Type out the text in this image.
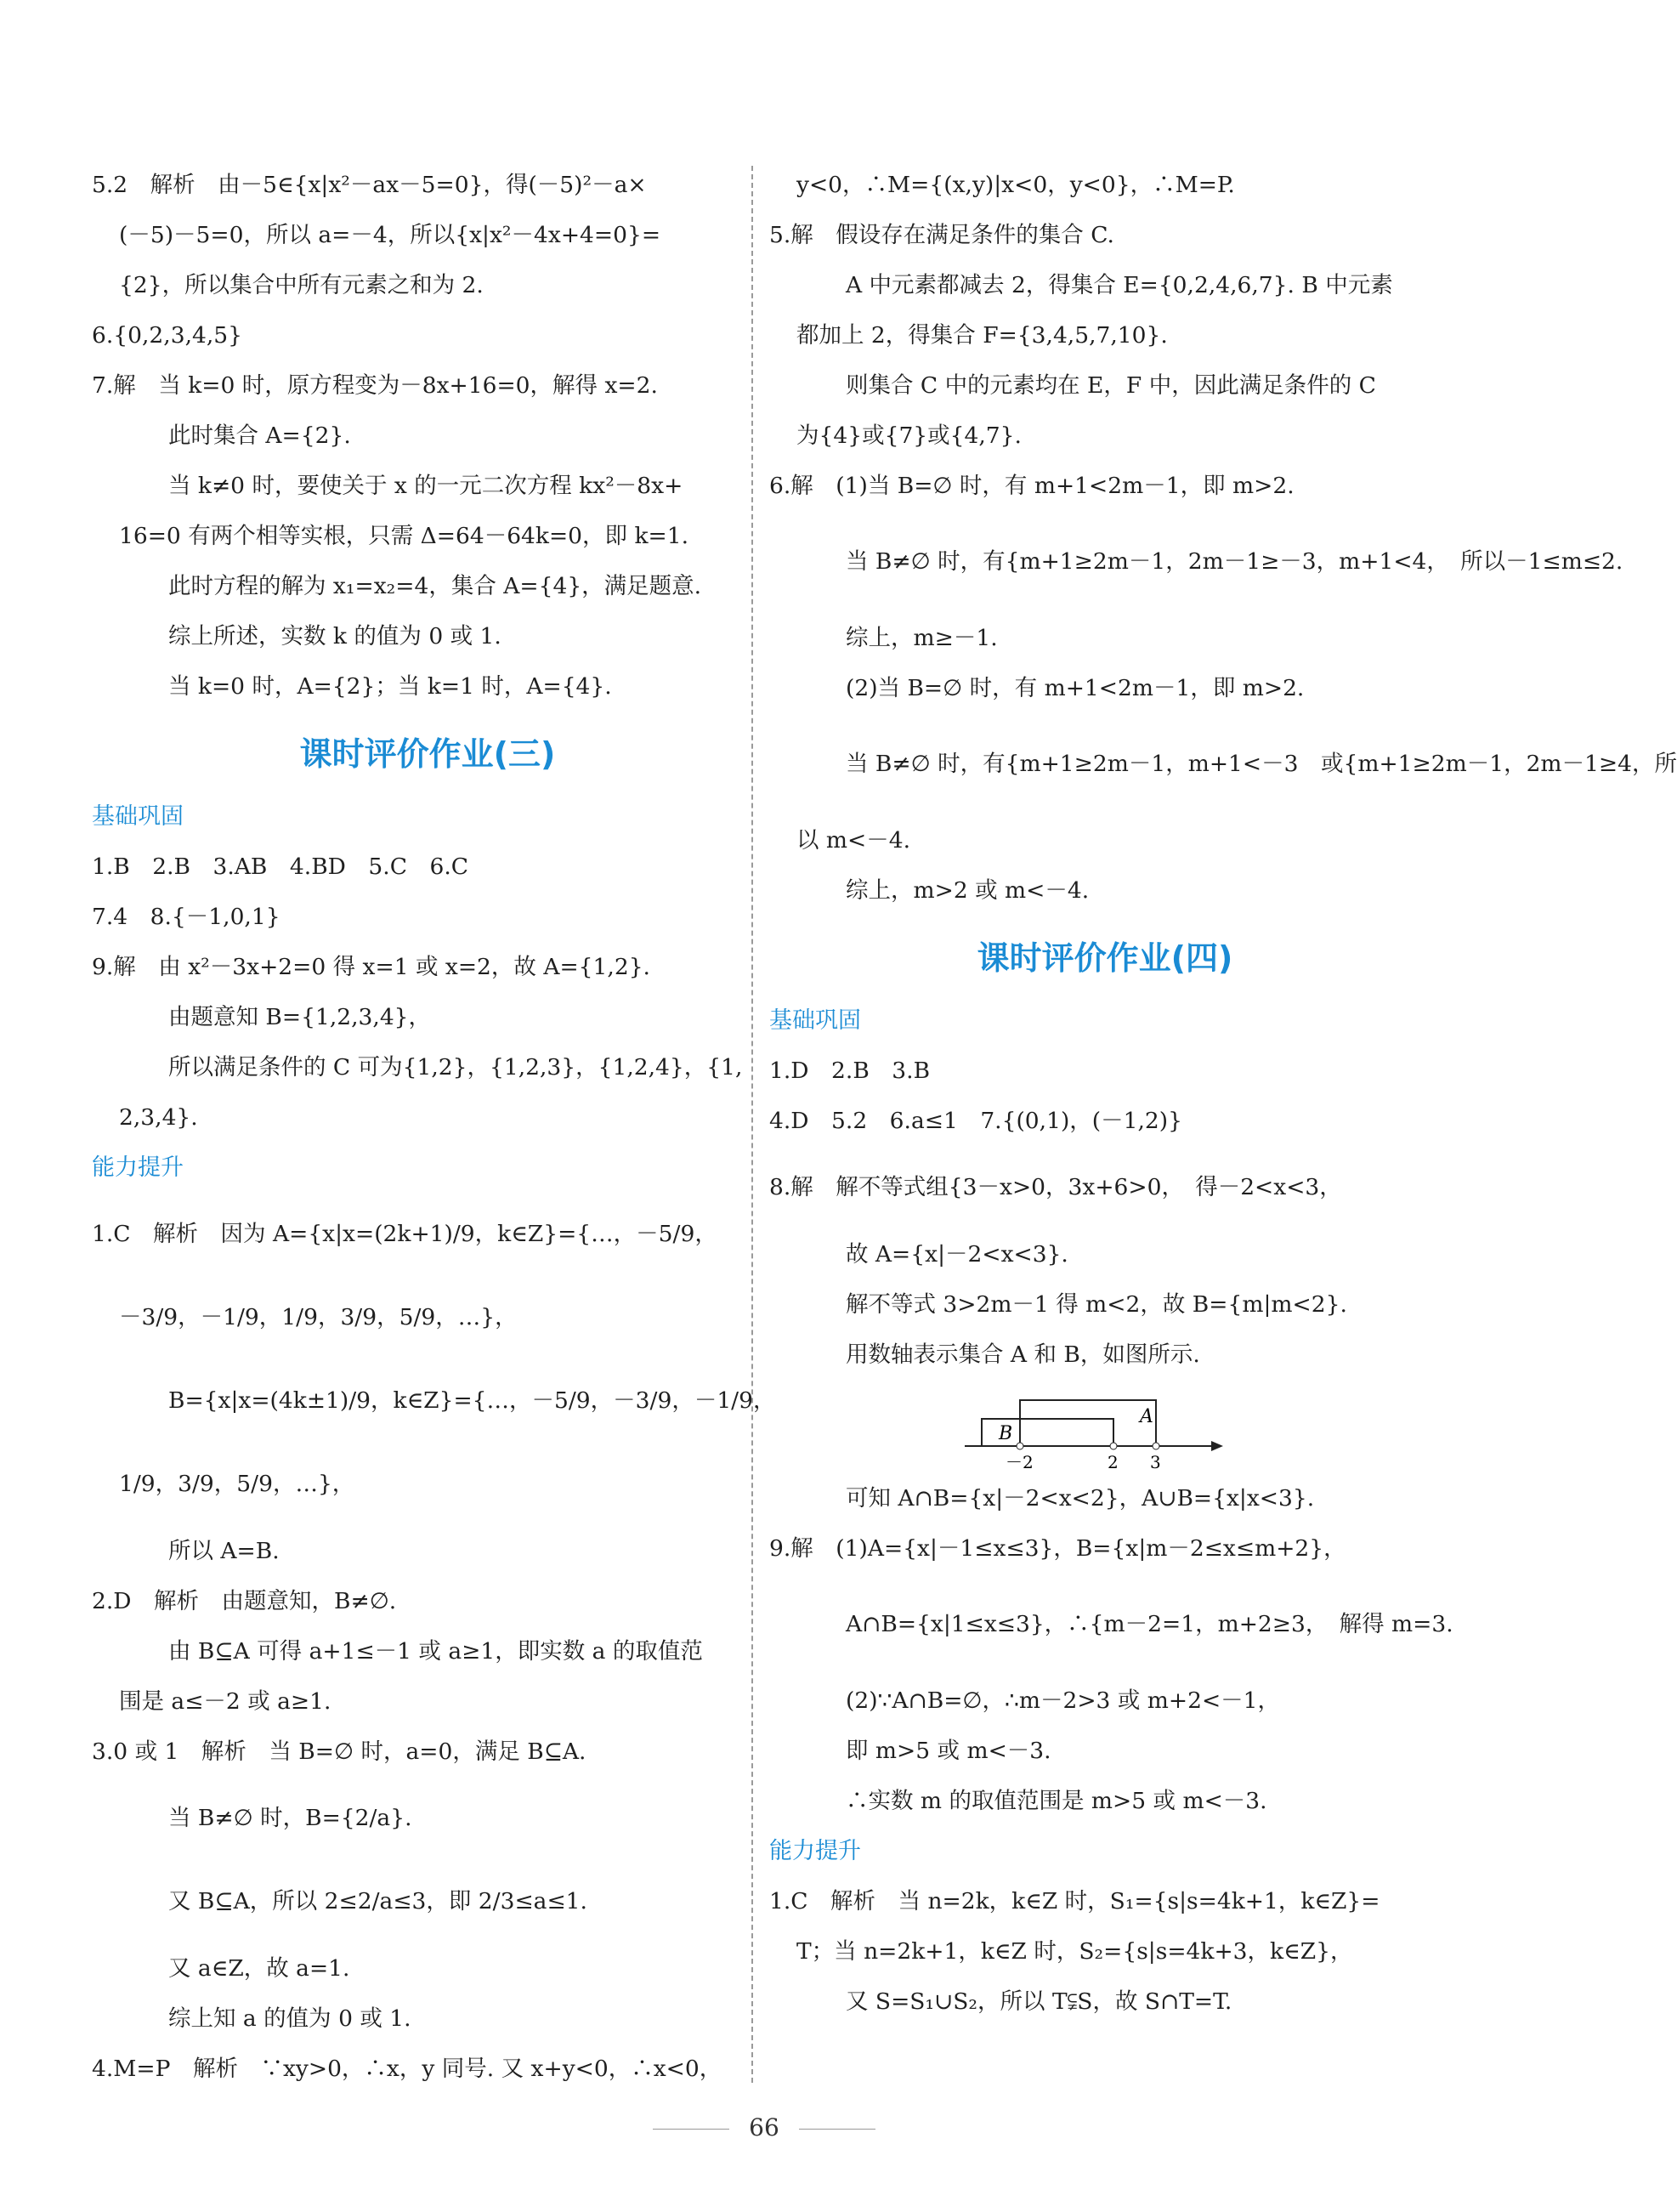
5.2　解析　由－5∈{x|x²－ax－5=0}，得(－5)²－a×
(－5)－5=0，所以 a=－4，所以{x|x²－4x+4=0}=
{2}，所以集合中所有元素之和为 2.
6.{0,2,3,4,5}
7.解　当 k=0 时，原方程变为－8x+16=0，解得 x=2.
此时集合 A={2}.
当 k≠0 时，要使关于 x 的一元二次方程 kx²－8x+
16=0 有两个相等实根，只需 Δ=64－64k=0，即 k=1.
此时方程的解为 x₁=x₂=4，集合 A={4}，满足题意.
综上所述，实数 k 的值为 0 或 1.
当 k=0 时，A={2}；当 k=1 时，A={4}.
课时评价作业(三)
基础巩固
1.B　2.B　3.AB　4.BD　5.C　6.C
7.4　8.{－1,0,1}
9.解　由 x²－3x+2=0 得 x=1 或 x=2，故 A={1,2}.
由题意知 B={1,2,3,4}，
所以满足条件的 C 可为{1,2}，{1,2,3}，{1,2,4}，{1,
2,3,4}.
能力提升
1.C　解析　因为 A={x|x=(2k+1)/9，k∈Z}={…，－5/9，
－3/9，－1/9，1/9，3/9，5/9，…}，
B={x|x=(4k±1)/9，k∈Z}={…，－5/9，－3/9，－1/9，
1/9，3/9，5/9，…}，
所以 A=B.
2.D　解析　由题意知，B≠∅.
由 B⊆A 可得 a+1≤－1 或 a≥1，即实数 a 的取值范
围是 a≤－2 或 a≥1.
3.0 或 1　解析　当 B=∅ 时，a=0，满足 B⊆A.
当 B≠∅ 时，B={2/a}.
又 B⊆A，所以 2≤2/a≤3，即 2/3≤a≤1.
又 a∈Z，故 a=1.
综上知 a 的值为 0 或 1.
4.M=P　解析　∵xy>0，∴x，y 同号. 又 x+y<0，∴x<0，
y<0，∴M={(x,y)|x<0，y<0}，∴M=P.
5.解　假设存在满足条件的集合 C.
A 中元素都减去 2，得集合 E={0,2,4,6,7}. B 中元素
都加上 2，得集合 F={3,4,5,7,10}.
则集合 C 中的元素均在 E，F 中，因此满足条件的 C
为{4}或{7}或{4,7}.
6.解　(1)当 B=∅ 时，有 m+1<2m－1，即 m>2.
当 B≠∅ 时，有{m+1≥2m－1，2m－1≥－3，m+1<4，　所以－1≤m≤2.
综上，m≥－1.
(2)当 B=∅ 时，有 m+1<2m－1，即 m>2.
当 B≠∅ 时，有{m+1≥2m－1，m+1<－3　或{m+1≥2m－1，2m－1≥4，所
以 m<－4.
综上，m>2 或 m<－4.
课时评价作业(四)
基础巩固
1.D　2.B　3.B
4.D　5.2　6.a≤1　7.{(0,1)，(－1,2)}
8.解　解不等式组{3－x>0，3x+6>0，　得－2<x<3，
故 A={x|－2<x<3}.
解不等式 3>2m－1 得 m<2，故 B={m|m<2}.
用数轴表示集合 A 和 B，如图所示.
B
A
－2	2 3
可知 A∩B={x|－2<x<2}，A∪B={x|x<3}.
9.解　(1)A={x|－1≤x≤3}，B={x|m－2≤x≤m+2}，
A∩B={x|1≤x≤3}，∴{m－2=1，m+2≥3，　解得 m=3.
(2)∵A∩B=∅，∴m－2>3 或 m+2<－1，
即 m>5 或 m<－3.
∴实数 m 的取值范围是 m>5 或 m<－3.
能力提升
1.C　解析　当 n=2k，k∈Z 时，S₁={s|s=4k+1，k∈Z}=
T；当 n=2k+1，k∈Z 时，S₂={s|s=4k+3，k∈Z}，
又 S=S₁∪S₂，所以 T⫋S，故 S∩T=T.
66
